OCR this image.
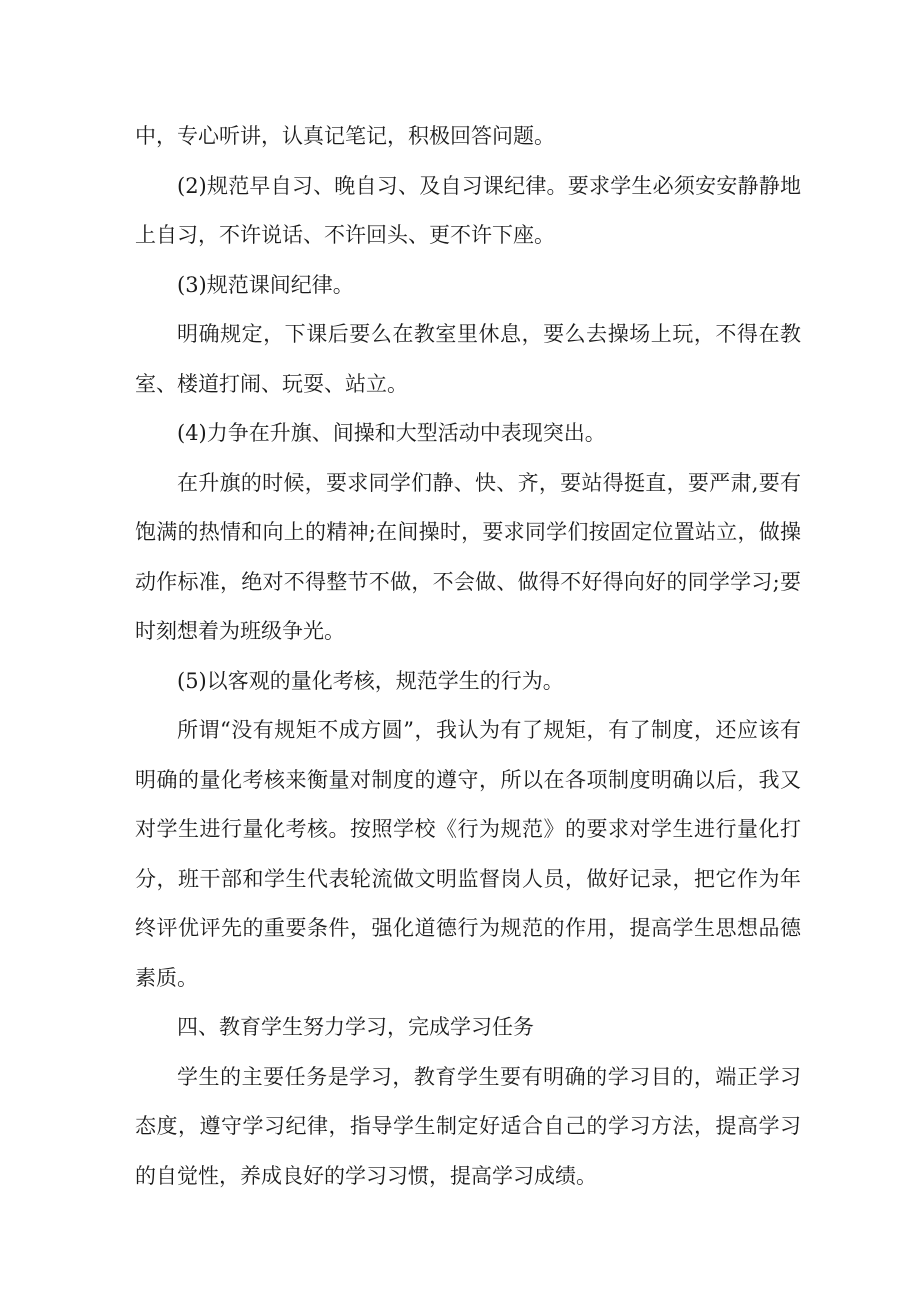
中，专心听讲，认真记笔记，积极回答问题。

(2)规范早自习、晚自习、及自习课纪律。要求学生必须安安静静地上自习，不许说话、不许回头、更不许下座。

(3)规范课间纪律。

明确规定，下课后要么在教室里休息，要么去操场上玩，不得在教室、楼道打闹、玩耍、站立。

(4)力争在升旗、间操和大型活动中表现突出。

在升旗的时候，要求同学们静、快、齐，要站得挺直，要严肃,要有饱满的热情和向上的精神;在间操时，要求同学们按固定位置站立，做操动作标准，绝对不得整节不做，不会做、做得不好得向好的同学学习;要时刻想着为班级争光。

(5)以客观的量化考核，规范学生的行为。

所谓“没有规矩不成方圆”，我认为有了规矩，有了制度，还应该有明确的量化考核来衡量对制度的遵守，所以在各项制度明确以后，我又对学生进行量化考核。按照学校《行为规范》的要求对学生进行量化打分，班干部和学生代表轮流做文明监督岗人员，做好记录，把它作为年终评优评先的重要条件，强化道德行为规范的作用，提高学生思想品德素质。

四、教育学生努力学习，完成学习任务

学生的主要任务是学习，教育学生要有明确的学习目的，端正学习态度，遵守学习纪律，指导学生制定好适合自己的学习方法，提高学习的自觉性，养成良好的学习习惯，提高学习成绩。
